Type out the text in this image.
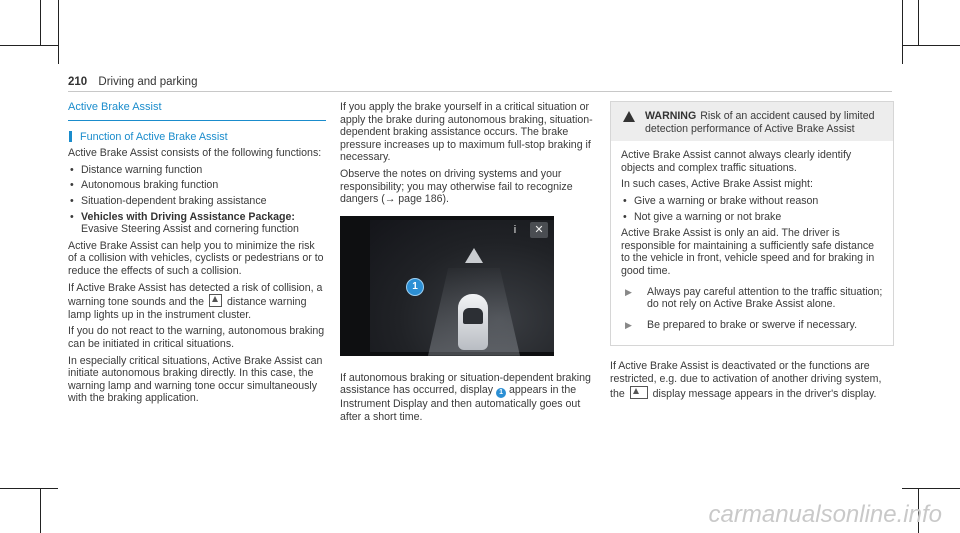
210 Driving and parking
Active Brake Assist
Function of Active Brake Assist

Active Brake Assist consists of the following functions:

• Distance warning function
• Autonomous braking function
• Situation-dependent braking assistance
• Vehicles with Driving Assistance Package: Evasive Steering Assist and cornering function

Active Brake Assist can help you to minimize the risk of a collision with vehicles, cyclists or pedestrians or to reduce the effects of such a collision.

If Active Brake Assist has detected a risk of collision, a warning tone sounds and the distance warning lamp lights up in the instrument cluster.

If you do not react to the warning, autonomous braking can be initiated in critical situations.

In especially critical situations, Active Brake Assist can initiate autonomous braking directly. In this case, the warning lamp and warning tone occur simultaneously with the braking application.

If you apply the brake yourself in a critical situation or apply the brake during autonomous braking, situation-dependent braking assistance occurs. The brake pressure increases up to maximum full-stop braking if necessary.

Observe the notes on driving systems and your responsibility; you may otherwise fail to recognize dangers (→ page 186).

i	✕
1

If autonomous braking or situation-dependent braking assistance has occurred, display 1 appears in the Instrument Display and then automatically goes out after a short time.

WARNING Risk of an accident caused by limited detection performance of Active Brake Assist

Active Brake Assist cannot always clearly identify objects and complex traffic situations.

In such cases, Active Brake Assist might:

• Give a warning or brake without reason
• Not give a warning or not brake

Active Brake Assist is only an aid. The driver is responsible for maintaining a sufficiently safe distance to the vehicle in front, vehicle speed and for braking in good time.

▶	Always pay careful attention to the traffic situation; do not rely on Active Brake Assist alone.
▶	Be prepared to brake or swerve if necessary.

If Active Brake Assist is deactivated or the functions are restricted, e.g. due to activation of another driving system, the	display message appears in the driver's display.

carmanualsonline.info
